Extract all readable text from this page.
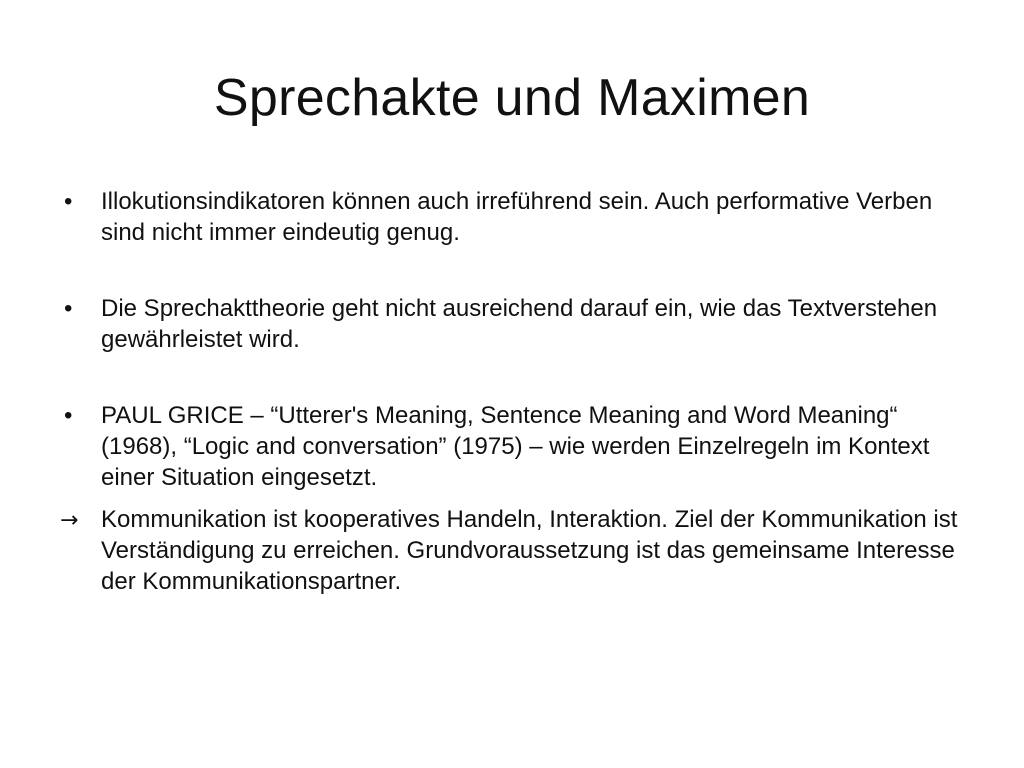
Sprechakte und Maximen
•	Illokutionsindikatoren können auch irreführend sein. Auch performative Verben sind nicht immer eindeutig genug.
•	Die Sprechakttheorie geht nicht ausreichend darauf ein, wie das Textverstehen gewährleistet wird.
•	PAUL GRICE – “Utterer's Meaning, Sentence Meaning and Word Meaning“ (1968), “Logic and conversation” (1975) – wie werden Einzelregeln im Kontext einer Situation eingesetzt.
→ Kommunikation ist kooperatives Handeln, Interaktion. Ziel der Kommunikation ist Verständigung zu erreichen. Grundvoraussetzung ist das gemeinsame Interesse der Kommunikationspartner.
